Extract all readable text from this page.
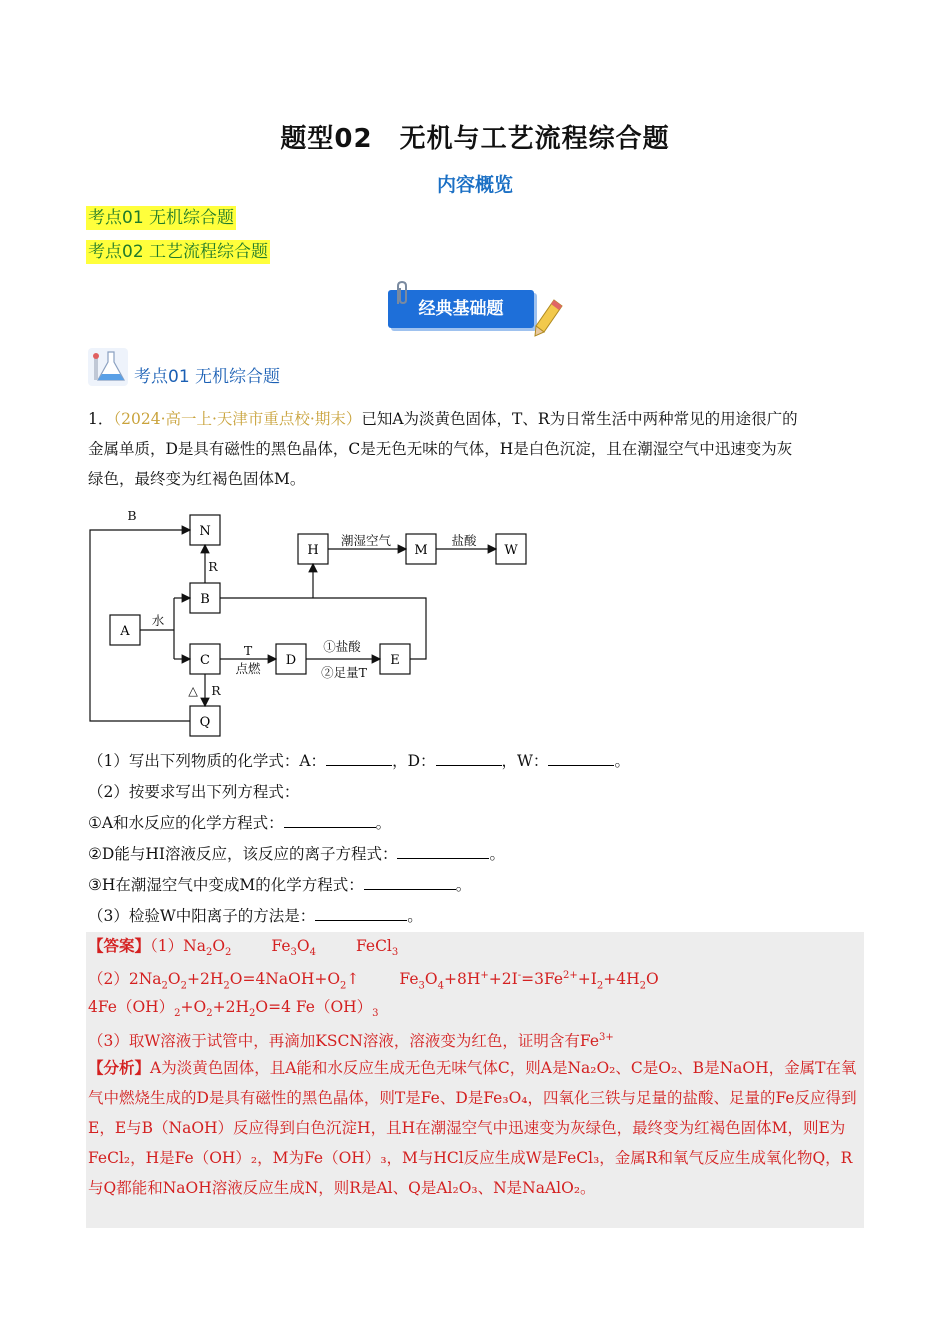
题型02　无机与工艺流程综合题
内容概览
考点01 无机综合题
考点02 工艺流程综合题
经典基础题
考点01 无机综合题
1．（2024·高一上·天津市重点校·期末）已知A为淡黄色固体，T、R为日常生活中两种常见的用途很广的
金属单质，D是具有磁性的黑色晶体，C是无色无味的气体，H是白色沉淀，且在潮湿空气中迅速变为灰
绿色，最终变为红褐色固体M。
N
B
A
C	D	E
H	M	W
Q
B
R
水
潮湿空气	盐酸
T
点燃
①盐酸
②足量T
△ R
（1）写出下列物质的化学式：A：	，D：	，W：	。
（2）按要求写出下列方程式：
①A和水反应的化学方程式：	。
②D能与HI溶液反应，该反应的离子方程式：	。
③H在潮湿空气中变成M的化学方程式：	。
（3）检验W中阳离子的方法是：	。
【答案】$(1)Na_2O_2$	$Fe_3O_4$	FeCl$_3$
$(2)2Na_2O_2+2H_2O=4NaOH+O_2↑$	$Fe_3O_4+8H^++2I^-=3Fe^{2+}+I_2+4H_2O$
$4Fe(OH)_2+O_2+2H_2O=4$ $Fe(OH)_3$
（3）取W溶液于试管中，再滴加KSCN溶液，溶液变为红色，证明含有$Fe^{3+}$
【分析】A为淡黄色固体，且A能和水反应生成无色无味气体C，则A是Na₂O₂、C是O₂、B是NaOH，金属T在氧气中燃烧生成的D是具有磁性的黑色晶体，则T是Fe、D是Fe₃O₄，四氧化三铁与足量的盐酸、足量的Fe反应得到E，E与B（NaOH）反应得到白色沉淀H，且H在潮湿空气中迅速变为灰绿色，最终变为红褐色固体M，则E为FeCl₂，H是Fe（OH）₂，M为Fe（OH）₃，M与HCl反应生成W是FeCl₃，金属R和氧气反应生成氧化物Q，R与Q都能和NaOH溶液反应生成N，则R是Al、Q是Al₂O₃、N是NaAlO₂。
